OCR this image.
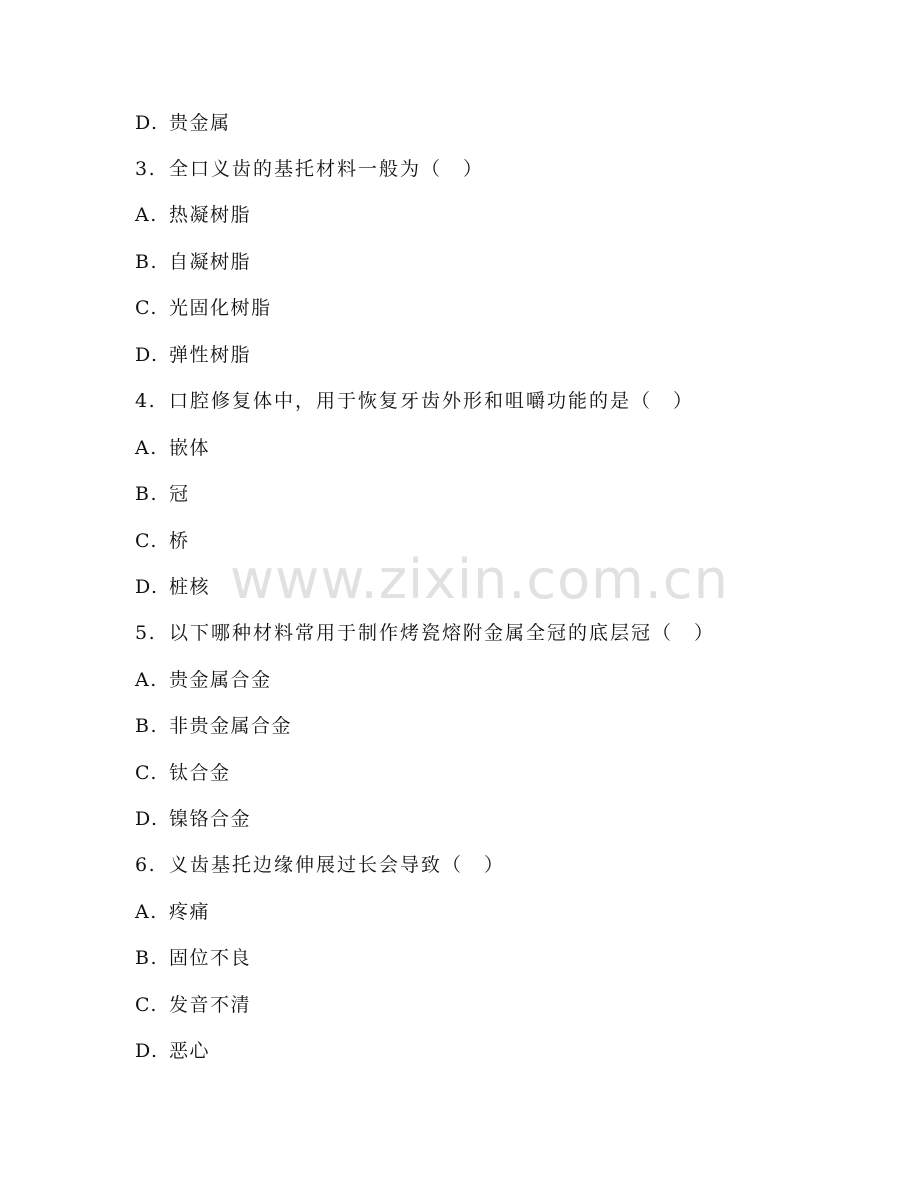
D. 贵金属
3. 全口义齿的基托材料一般为（　）
A. 热凝树脂
B. 自凝树脂
C. 光固化树脂
D. 弹性树脂
4. 口腔修复体中，用于恢复牙齿外形和咀嚼功能的是（　）
A. 嵌体
B. 冠
C. 桥
D. 桩核
5. 以下哪种材料常用于制作烤瓷熔附金属全冠的底层冠（　）
A. 贵金属合金
B. 非贵金属合金
C. 钛合金
D. 镍铬合金
6. 义齿基托边缘伸展过长会导致（　）
A. 疼痛
B. 固位不良
C. 发音不清
D. 恶心
www.zixin.com.cn
